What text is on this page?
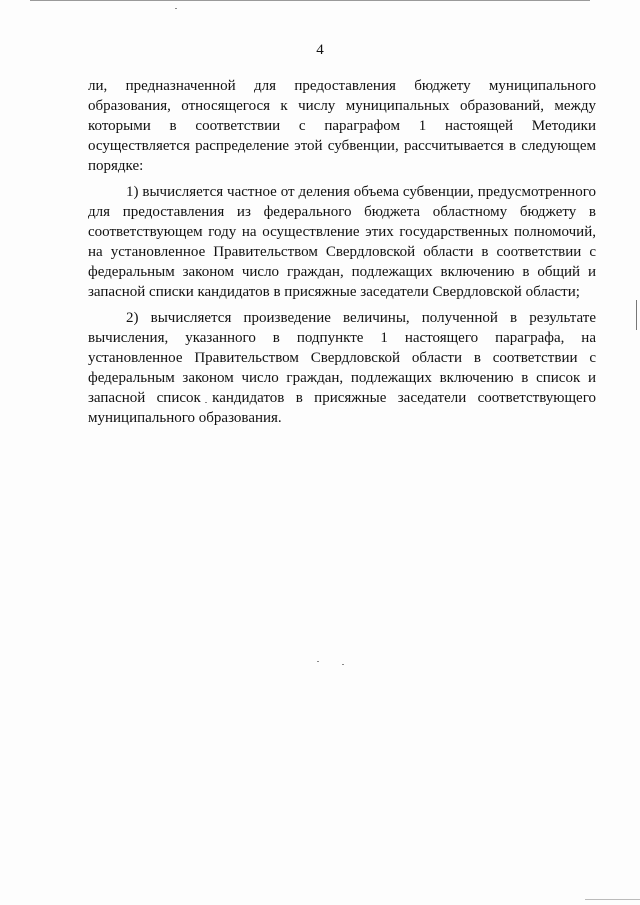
4

ли, предназначенной для предоставления бюджету муниципального образования, относящегося к числу муниципальных образований, между которыми в соответствии с параграфом 1 настоящей Методики осуществляется распределение этой субвенции, рассчитывается в следующем порядке:

1) вычисляется частное от деления объема субвенции, предусмотренного для предоставления из федерального бюджета областному бюджету в соответствующем году на осуществление этих государственных полномочий, на установленное Правительством Свердловской области в соответствии с федеральным законом число граждан, подлежащих включению в общий и запасной списки кандидатов в присяжные заседатели Свердловской области;

2) вычисляется произведение величины, полученной в результате вычисления, указанного в подпункте 1 настоящего параграфа, на установленное Правительством Свердловской области в соответствии с федеральным законом число граждан, подлежащих включению в список и запасной список кандидатов в присяжные заседатели соответствующего муниципального образования.
